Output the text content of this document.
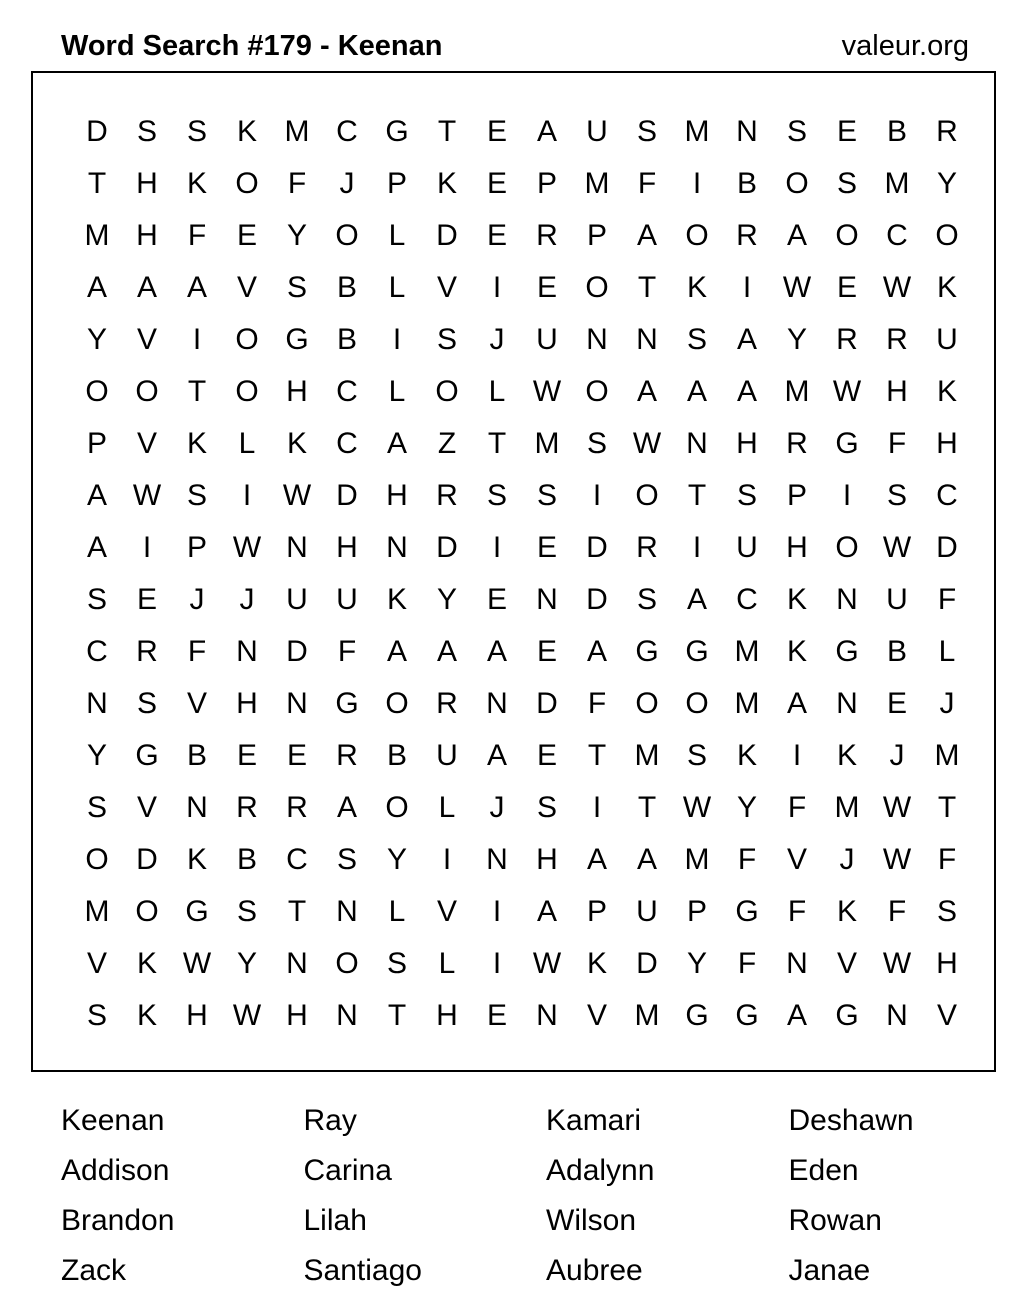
Word Search #179 - Keenan	valeur.org
D S S K M C G T	E A U S M N S E B R
T	H K O F	J	P K E P M F	I	B O S M Y
M H	F	E Y O L	D E R P A O R A O C O
A A A V S B	L	V	I	E O T	K	I	W E W K
Y V	I	O G B	I	S	J	U N N S A Y R R U
O O T O H C	L O L W O A A A M W H K
P V K	L	K C A	Z	T M S W N H R G F	H
A W S	I	W D H R S S	I	O T	S P	I	S C
A	I	P W N H N D	I	E D R	I	U H O W D
S E	J	J	U U K Y E N D S A C K N U	F
C R	F	N D	F	A A A E A G G M K G B	L
N S V H N G O R N D	F O O M A N E	J
Y G B E E R B U A E	T M S K	I	K	J	M
S V N R R A O L	J	S	I	T W Y	F M W T
O D K B C S Y	I	N H A A M F	V	J W F
M O G S	T	N	L	V	I	A P U P G F	K	F	S
V K W Y N O S	L	I	W K D Y	F	N V W H
S K H W H N	T	H E N V M G G A G N V
Keenan	Ray	Kamari	Deshawn
Addison	Carina	Adalynn	Eden
Brandon	Lilah	Wilson	Rowan
Zack	Santiago	Aubree	Janae
